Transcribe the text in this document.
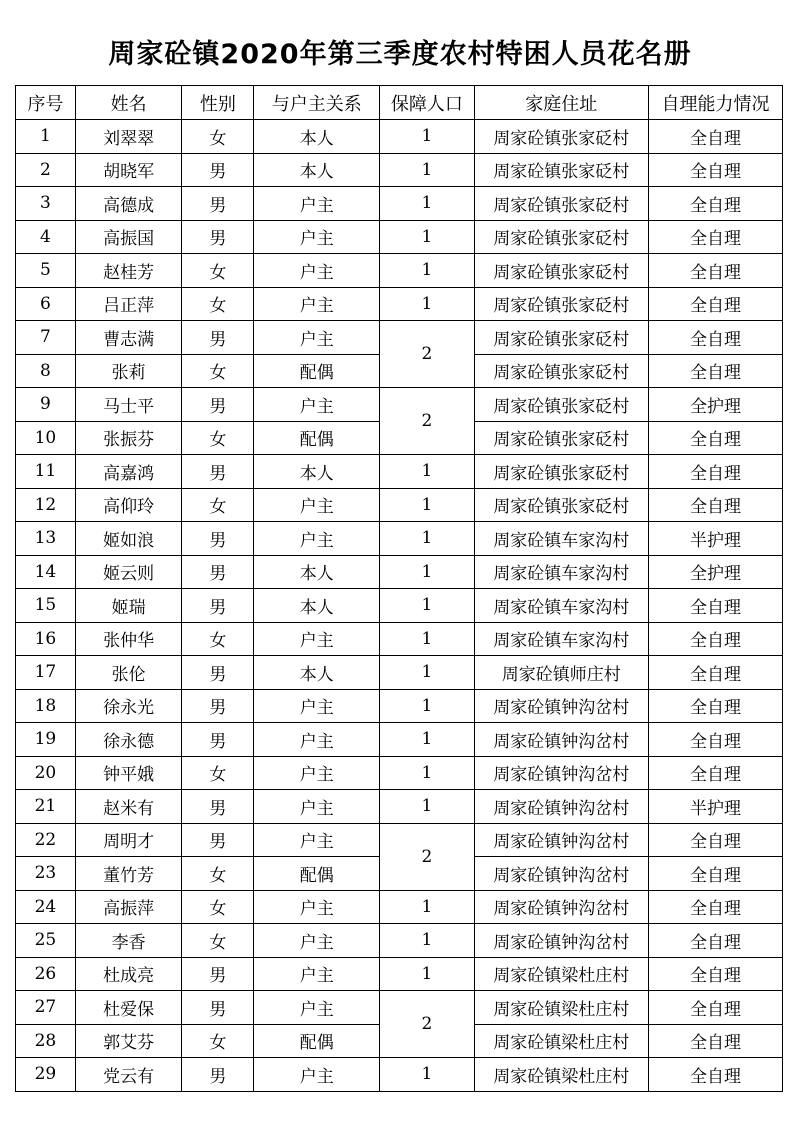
周家砼镇2020年第三季度农村特困人员花名册
序号	姓名	性别	与户主关系	保障人口	家庭住址	自理能力情况
1	刘翠翠	女	本人	1	周家砼镇张家砭村	全自理
2	胡晓军	男	本人	1	周家砼镇张家砭村	全自理
3	高德成	男	户主	1	周家砼镇张家砭村	全自理
4	高振国	男	户主	1	周家砼镇张家砭村	全自理
5	赵桂芳	女	户主	1	周家砼镇张家砭村	全自理
6	吕正萍	女	户主	1	周家砼镇张家砭村	全自理
7	曹志满	男	户主	2	周家砼镇张家砭村	全自理
8	张莉	女	配偶		周家砼镇张家砭村	全自理
9	马士平	男	户主	2	周家砼镇张家砭村	全护理
10	张振芬	女	配偶		周家砼镇张家砭村	全自理
11	高嘉鸿	男	本人	1	周家砼镇张家砭村	全自理
12	高仰玲	女	户主	1	周家砼镇张家砭村	全自理
13	姬如浪	男	户主	1	周家砼镇车家沟村	半护理
14	姬云则	男	本人	1	周家砼镇车家沟村	全护理
15	姬瑞	男	本人	1	周家砼镇车家沟村	全自理
16	张仲华	女	户主	1	周家砼镇车家沟村	全自理
17	张伦	男	本人	1	周家砼镇师庄村	全自理
18	徐永光	男	户主	1	周家砼镇钟沟岔村	全自理
19	徐永德	男	户主	1	周家砼镇钟沟岔村	全自理
20	钟平娥	女	户主	1	周家砼镇钟沟岔村	全自理
21	赵米有	男	户主	1	周家砼镇钟沟岔村	半护理
22	周明才	男	户主	2	周家砼镇钟沟岔村	全自理
23	董竹芳	女	配偶		周家砼镇钟沟岔村	全自理
24	高振萍	女	户主	1	周家砼镇钟沟岔村	全自理
25	李香	女	户主	1	周家砼镇钟沟岔村	全自理
26	杜成亮	男	户主	1	周家砼镇梁杜庄村	全自理
27	杜爱保	男	户主	2	周家砼镇梁杜庄村	全自理
28	郭艾芬	女	配偶		周家砼镇梁杜庄村	全自理
29	党云有	男	户主	1	周家砼镇梁杜庄村	全自理
